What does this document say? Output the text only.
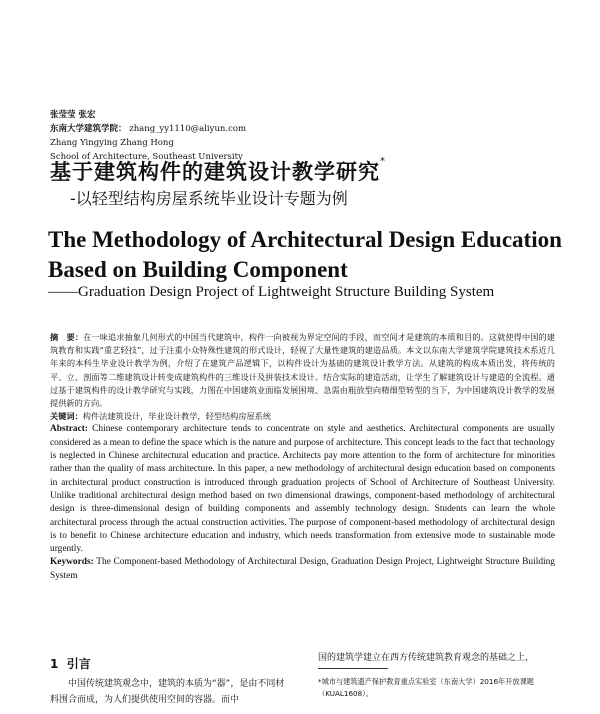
张莹莹 张宏
东南大学建筑学院： zhang_yy1110@aliyun.com
Zhang Yingying Zhang Hong
School of Architecture, Southeast University
基于建筑构件的建筑设计教学研究*
-以轻型结构房屋系统毕业设计专题为例
The Methodology of Architectural Design Education Based on Building Component
——Graduation Design Project of Lightweight Structure Building System

摘　要：在一味追求抽象几何形式的中国当代建筑中，构件一向被视为界定空间的手段，而空间才是建筑的本质和目的。这就使得中国的建筑教育和实践“重艺轻技”，过于注重小众特殊性建筑的形式设计，轻视了大量性建筑的建造品质。本文以东南大学建筑学院建筑技术系近几年来的本科生毕业设计教学为例，介绍了在建筑产品逻辑下，以构件设计为基础的建筑设计教学方法。从建筑的构成本质出发，将传统的平、立、剖面等二维建筑设计转变成建筑构件的三维设计及拼装技术设计。结合实际的建造活动，让学生了解建筑设计与建造的全流程。通过基于建筑构件的设计教学研究与实践，力图在中国建筑业面临发展困境、急需由粗放型向精细型转型的当下，为中国建筑设计教学的发展提供新的方向。

关键词：构件法建筑设计，毕业设计教学，轻型结构房屋系统

Abstract: Chinese contemporary architecture tends to concentrate on style and aesthetics. Architectural components are usually considered as a mean to define the space which is the nature and purpose of architecture. This concept leads to the fact that technology is neglected in Chinese architectural education and practice. Architects pay more attention to the form of architecture for minorities rather than the quality of mass architecture. In this paper, a new methodology of architectural design education based on components in architectural product construction is introduced through graduation projects of School of Architecture of Southeast University. Unlike traditional architectural design method based on two dimensional drawings, component-based methodology of architectural design is three-dimensional design of building components and assembly technology design. Students can learn the whole architectural process through the actual construction activities. The purpose of component-based methodology of architectural design is to benefit to Chinese architecture education and industry, which needs transformation from extensive mode to sustainable mode urgently.

Keywords: The Component-based Methodology of Architectural Design, Graduation Design Project, Lightweight Structure Building System

1 引言

中国传统建筑观念中，建筑的本质为“器”，是由不同材料围合而成，为人们提供使用空间的容器。而中

国的建筑学建立在西方传统建筑教育观念的基础之上，
*城市与建筑遗产保护教育重点实验室（东南大学）2016年开放课题（KUAL1608）。
